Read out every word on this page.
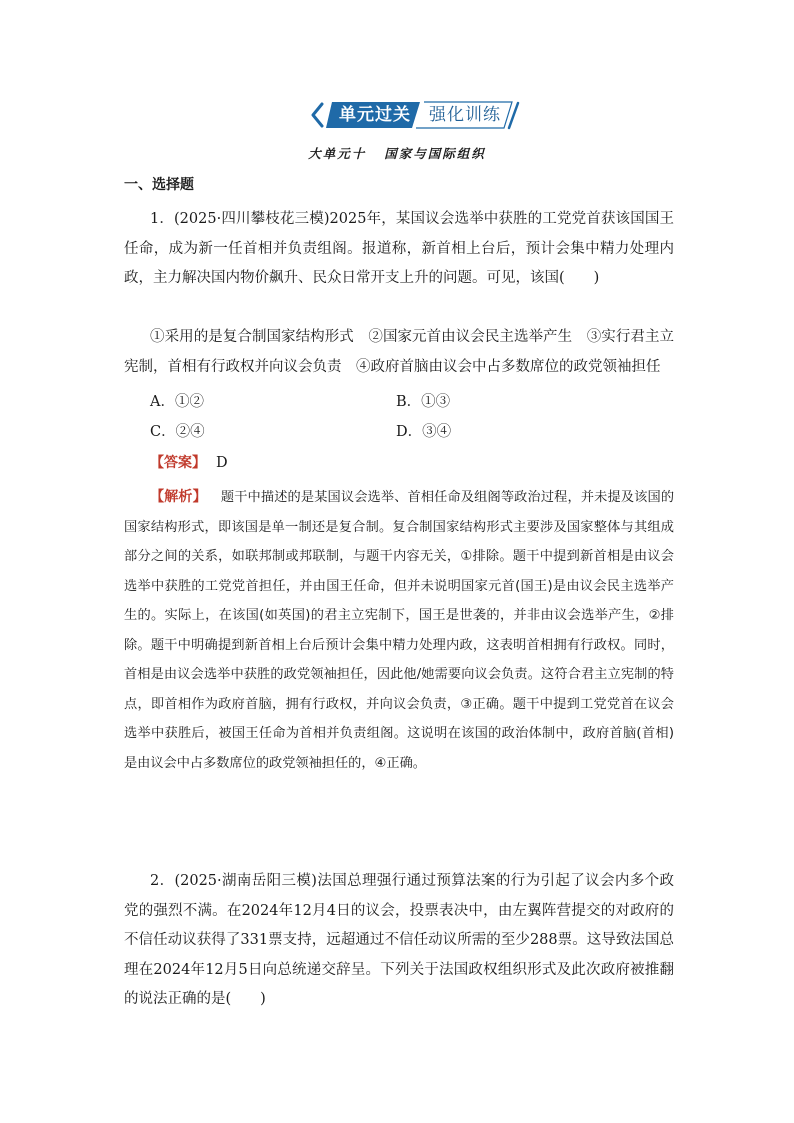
单元过关	强化训练
大单元十 国家与国际组织
一、选择题

1．(2025·四川攀枝花三模)2025年，某国议会选举中获胜的工党党首获该国国王任命，成为新一任首相并负责组阁。报道称，新首相上台后，预计会集中精力处理内政，主力解决国内物价飙升、民众日常开支上升的问题。可见，该国(　　)

①采用的是复合制国家结构形式　②国家元首由议会民主选举产生　③实行君主立宪制，首相有行政权并向议会负责　④政府首脑由议会中占多数席位的政党领袖担任

A．①②	B．①③
C．②④	D．③④
【答案】 D

【解析】 题干中描述的是某国议会选举、首相任命及组阁等政治过程，并未提及该国的国家结构形式，即该国是单一制还是复合制。复合制国家结构形式主要涉及国家整体与其组成部分之间的关系，如联邦制或邦联制，与题干内容无关，①排除。题干中提到新首相是由议会选举中获胜的工党党首担任，并由国王任命，但并未说明国家元首(国王)是由议会民主选举产生的。实际上，在该国(如英国)的君主立宪制下，国王是世袭的，并非由议会选举产生，②排除。题干中明确提到新首相上台后预计会集中精力处理内政，这表明首相拥有行政权。同时，首相是由议会选举中获胜的政党领袖担任，因此他/她需要向议会负责。这符合君主立宪制的特点，即首相作为政府首脑，拥有行政权，并向议会负责，③正确。题干中提到工党党首在议会选举中获胜后，被国王任命为首相并负责组阁。这说明在该国的政治体制中，政府首脑(首相)是由议会中占多数席位的政党领袖担任的，④正确。

2．(2025·湖南岳阳三模)法国总理强行通过预算法案的行为引起了议会内多个政党的强烈不满。在2024年12月4日的议会，投票表决中，由左翼阵营提交的对政府的不信任动议获得了331票支持，远超通过不信任动议所需的至少288票。这导致法国总理在2024年12月5日向总统递交辞呈。下列关于法国政权组织形式及此次政府被推翻的说法正确的是(　　)
